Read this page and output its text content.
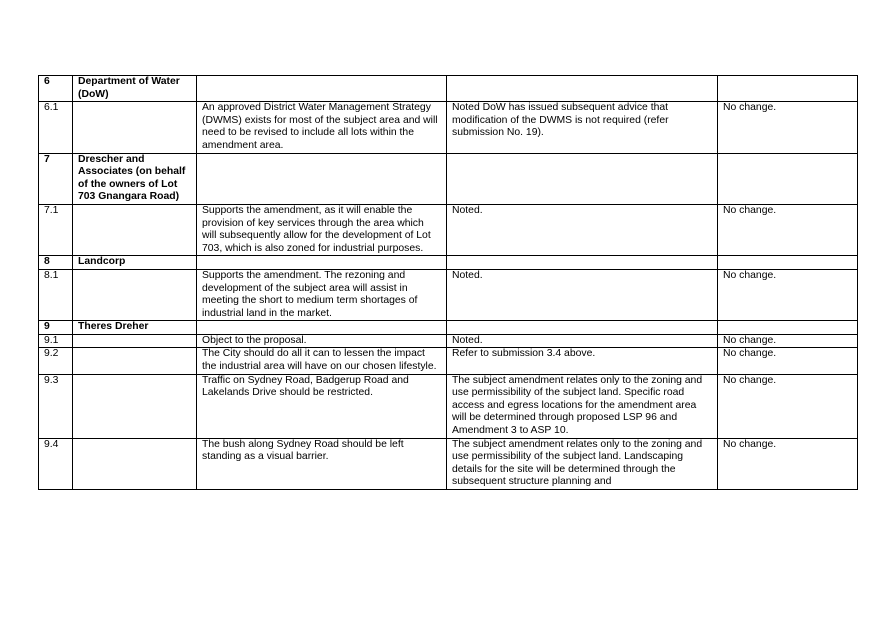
6	Department of Water (DoW)			

6.1		An approved District Water Management Strategy (DWMS) exists for most of the subject area and will need to be revised to include all lots within the amendment area.	Noted DoW has issued subsequent advice that modification of the DWMS is not required (refer submission No. 19).	No change.

7	Drescher and Associates (on behalf of the owners of Lot 703 Gnangara Road)			

7.1		Supports the amendment, as it will enable the provision of key services through the area which will subsequently allow for the development of Lot 703, which is also zoned for industrial purposes.	Noted.	No change.

8	Landcorp			

8.1		Supports the amendment. The rezoning and development of the subject area will assist in meeting the short to medium term shortages of industrial land in the market.	Noted.	No change.

9	Theres Dreher			

9.1		Object to the proposal.	Noted.	No change.

9.2		The City should do all it can to lessen the impact the industrial area will have on our chosen lifestyle.	Refer to submission 3.4 above.	No change.

9.3		Traffic on Sydney Road, Badgerup Road and Lakelands Drive should be restricted.	The subject amendment relates only to the zoning and use permissibility of the subject land. Specific road access and egress locations for the amendment area will be determined through proposed LSP 96 and Amendment 3 to ASP 10.	No change.

9.4		The bush along Sydney Road should be left standing as a visual barrier.	The subject amendment relates only to the zoning and use permissibility of the subject land. Landscaping details for the site will be determined through the subsequent structure planning and	No change.
